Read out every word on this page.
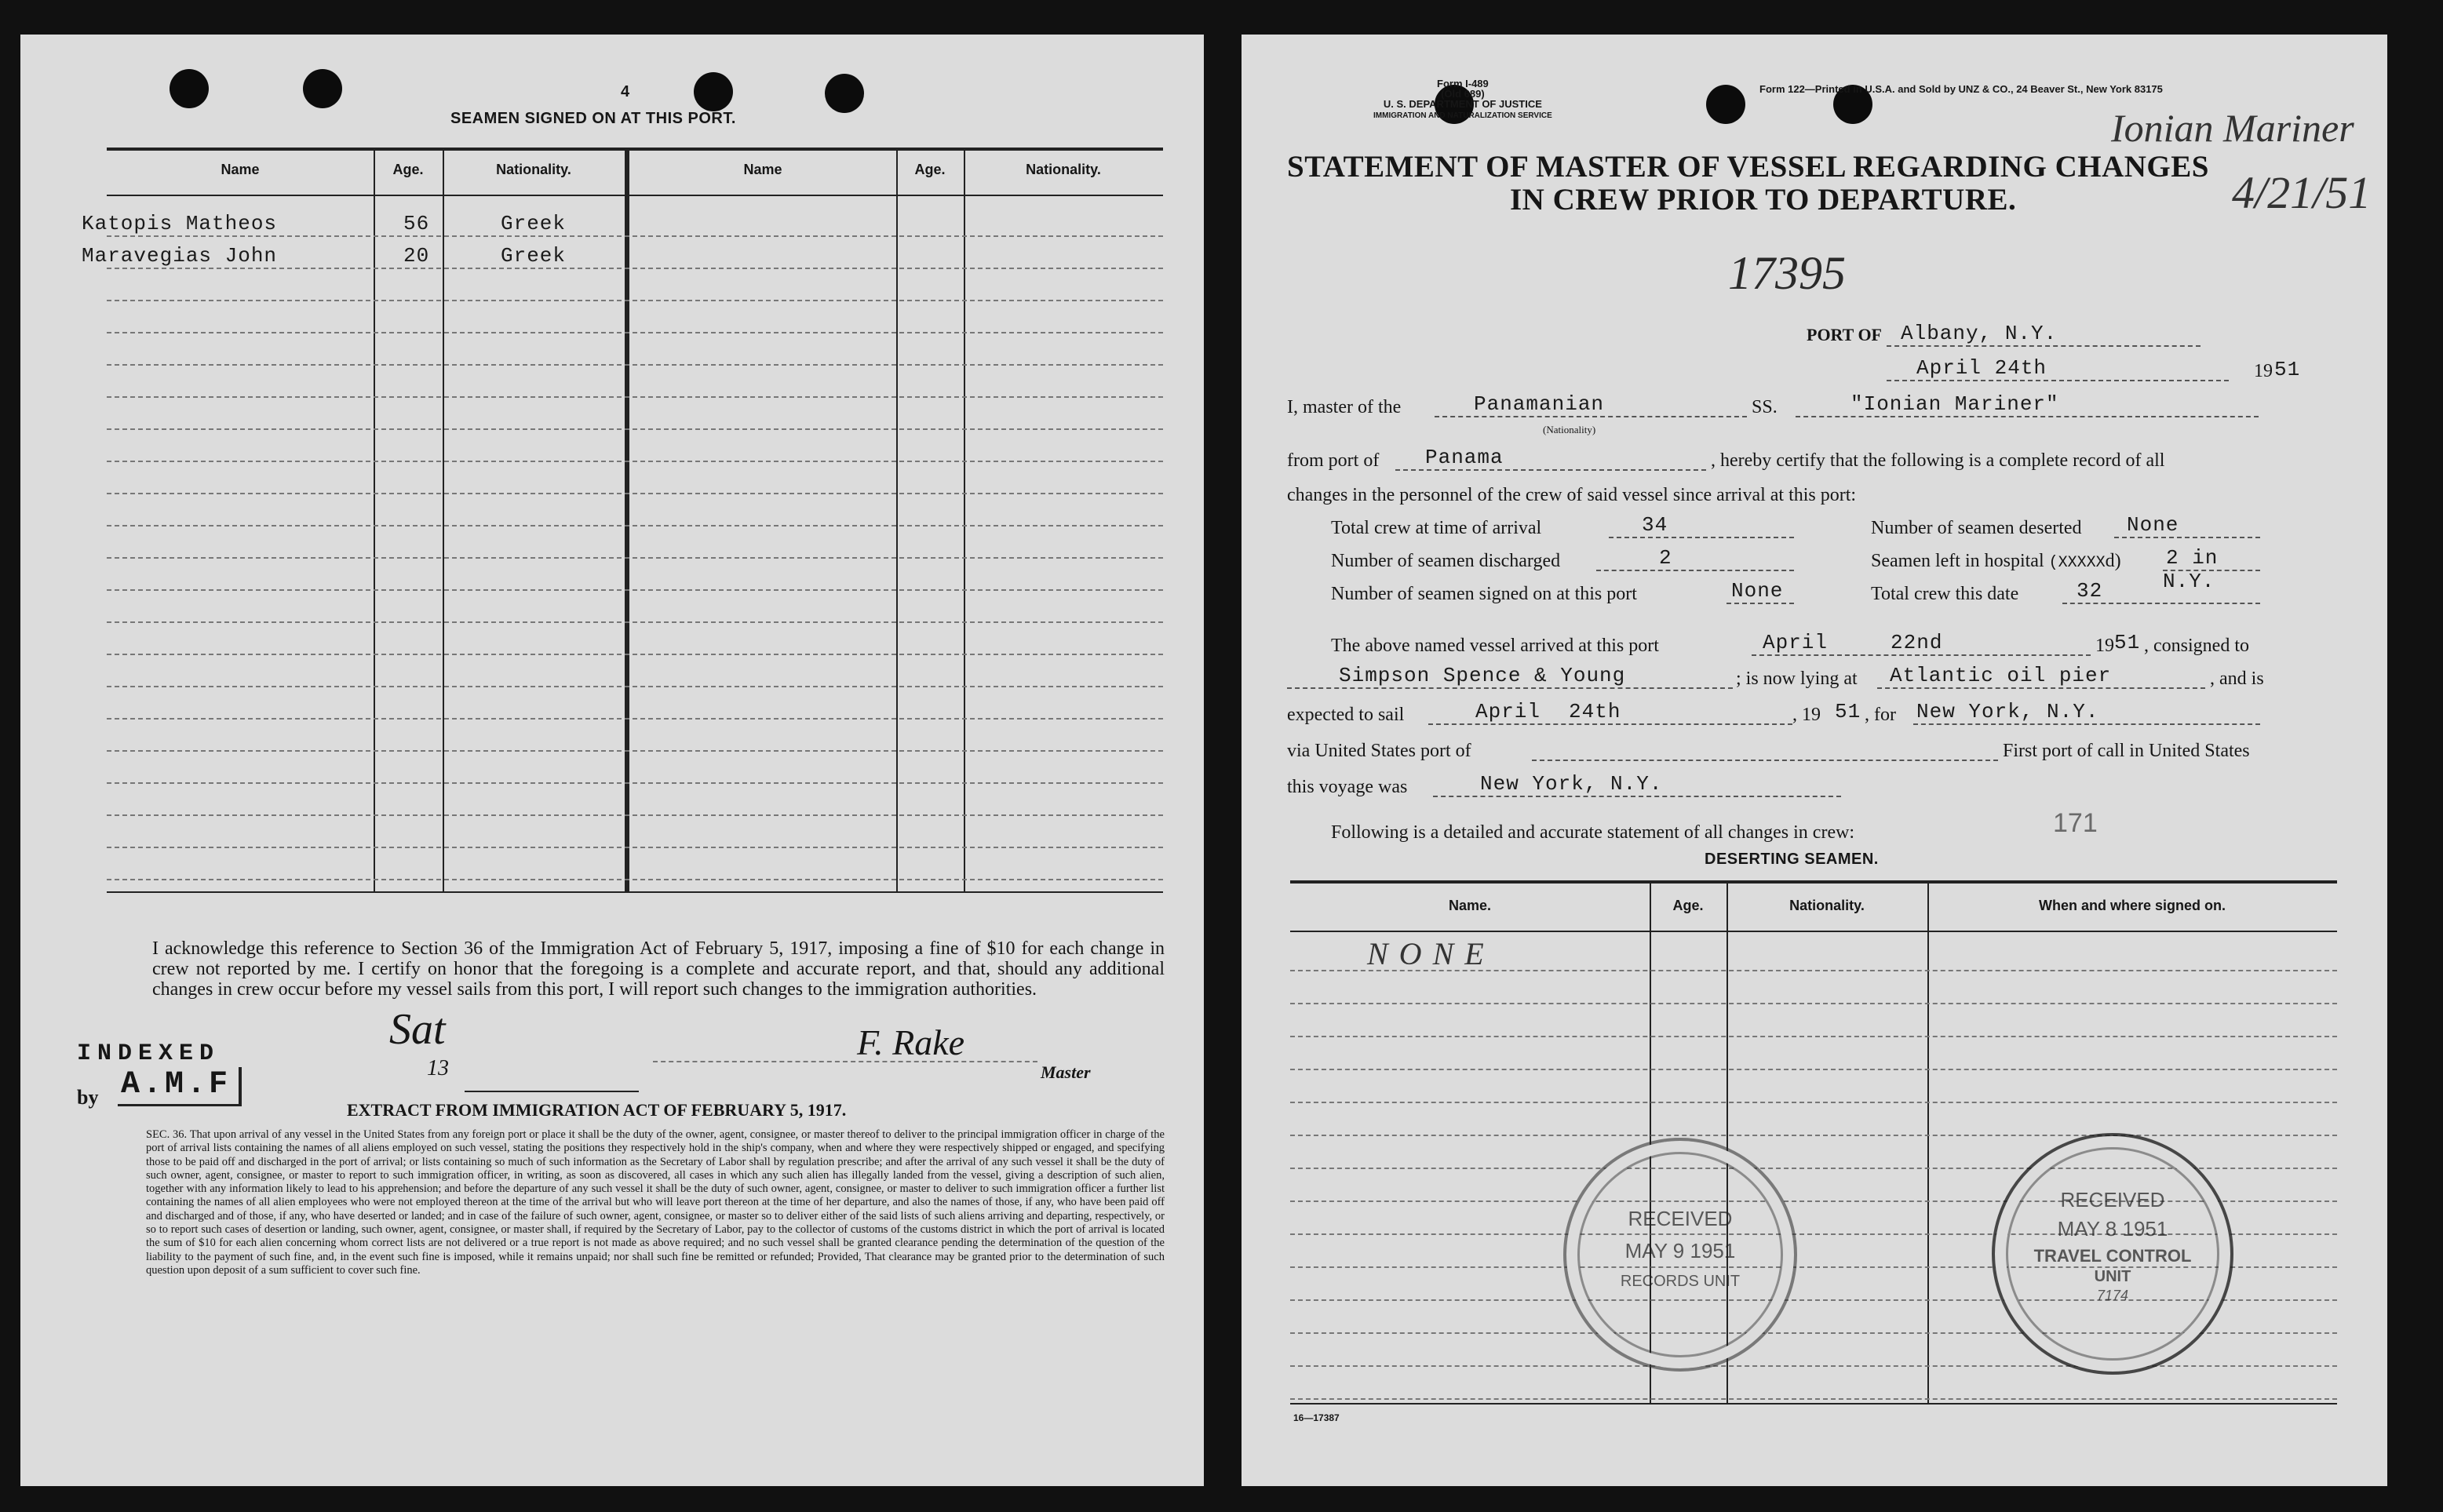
4
SEAMEN SIGNED ON AT THIS PORT.
Name	Age.	Nationality.	Name	Age.	Nationality.
Katopis Matheos	56	Greek
Maravegias John	20	Greek
I acknowledge this reference to Section 36 of the Immigration Act of February 5, 1917, imposing a fine of $10 for each change in crew not reported by me. I certify on honor that the foregoing is a complete and accurate report, and that, should any additional changes in crew occur before my vessel sails from this port, I will report such changes to the immigration authorities.
INDEXED
by A.M.F
Sat
13
F. Rake
Master
EXTRACT FROM IMMIGRATION ACT OF FEBRUARY 5, 1917.
SEC. 36. That upon arrival of any vessel in the United States from any foreign port or place it shall be the duty of the owner, agent, consignee, or master thereof to deliver to the principal immigration officer in charge of the port of arrival lists containing the names of all aliens employed on such vessel, stating the positions they respectively hold in the ship's company, when and where they were respectively shipped or engaged, and specifying those to be paid off and discharged in the port of arrival; or lists containing so much of such information as the Secretary of Labor shall by regulation prescribe; and after the arrival of any such vessel it shall be the duty of such owner, agent, consignee, or master to report to such immigration officer, in writing, as soon as discovered, all cases in which any such alien has illegally landed from the vessel, giving a description of such alien, together with any information likely to lead to his apprehension; and before the departure of any such vessel it shall be the duty of such owner, agent, consignee, or master to deliver to such immigration officer a further list containing the names of all alien employees who were not employed thereon at the time of the arrival but who will leave port thereon at the time of her departure, and also the names of those, if any, who have been paid off and discharged and of those, if any, who have deserted or landed; and in case of the failure of such owner, agent, consignee, or master so to deliver either of the said lists of such aliens arriving and departing, respectively, or so to report such cases of desertion or landing, such owner, agent, consignee, or master shall, if required by the Secretary of Labor, pay to the collector of customs of the customs district in which the port of arrival is located the sum of $10 for each alien concerning whom correct lists are not delivered or a true report is not made as above required; and no such vessel shall be granted clearance pending the determination of the question of the liability to the payment of such fine, and, in the event such fine is imposed, while it remains unpaid; nor shall such fine be remitted or refunded; Provided, That clearance may be granted prior to the determination of such question upon deposit of a sum sufficient to cover such fine.
Form I-489
(Old 689)
U. S. DEPARTMENT OF JUSTICE
IMMIGRATION AND NATURALIZATION SERVICE
Form 122—Printed in U.S.A. and Sold by UNZ & CO., 24 Beaver St., New York 83175
Ionian Mariner
4/21/51
STATEMENT OF MASTER OF VESSEL REGARDING CHANGES
IN CREW PRIOR TO DEPARTURE.
17395
PORT OF Albany, N.Y.
April 24th	19 51
I, master of the	Panamanian
(Nationality)
SS.	"Ionian Mariner"
from port of	Panama	, hereby certify that the following is a complete record of all
changes in the personnel of the crew of said vessel since arrival at this port:
Total crew at time of arrival	34	Number of seamen deserted	None
Number of seamen discharged	2	Seamen left in hospital (XXXXXd) 2 in N.Y.
Number of seamen signed on at this port	None	Total crew this date	32
The above named vessel arrived at this port	April	22nd	19 51 , consigned to
Simpson Spence & Young	; is now lying at	Atlantic oil pier	, and is
expected to sail	April 24th	, 19 51 , for New York, N.Y.
via United States port of	First port of call in United States
this voyage was	New York, N.Y.
Following is a detailed and accurate statement of all changes in crew:	171
DESERTING SEAMEN.
Name.	Age.	Nationality.	When and where signed on.
NONE
RECEIVED
MAY 9 1951
RECORDS UNIT
RECEIVED
MAY 8 1951
TRAVEL CONTROL
UNIT
7174
16—17387
